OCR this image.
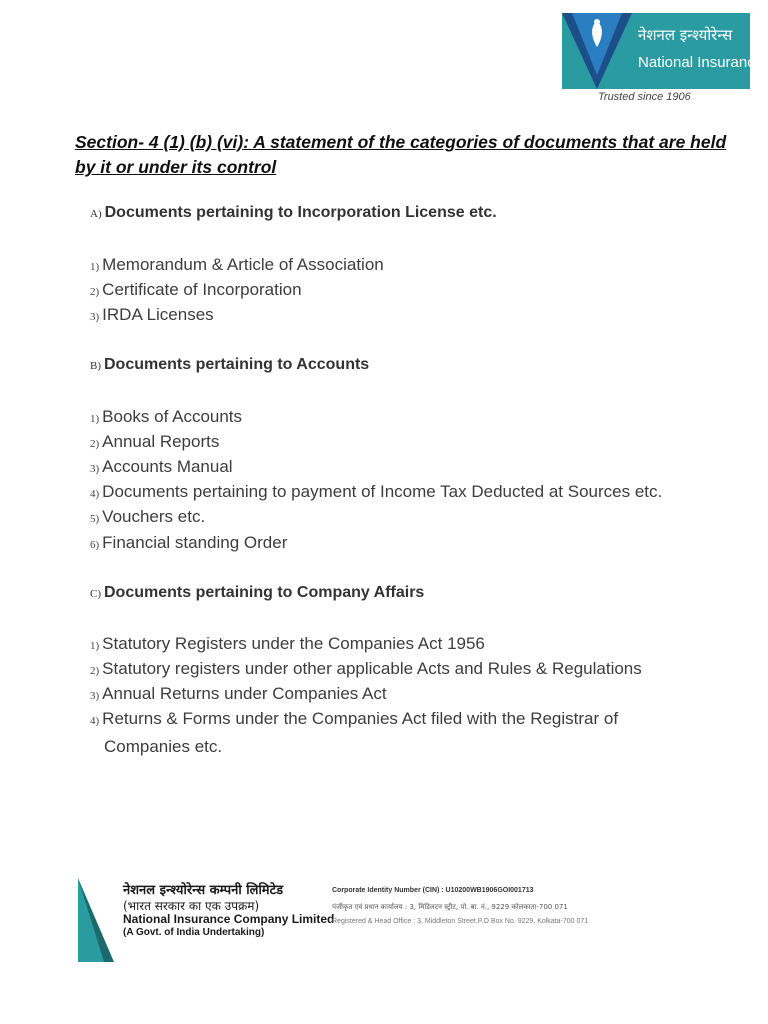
नेशनल इन्श्योरेन्स
National Insurance
Trusted since 1906
Section- 4 (1) (b) (vi): A statement of the categories of documents that are held by it or under its control
A) Documents pertaining to Incorporation License etc.
1) Memorandum & Article of Association
2) Certificate of Incorporation
3) IRDA Licenses
B) Documents pertaining to Accounts
1) Books of Accounts
2) Annual Reports
3) Accounts Manual
4) Documents pertaining to payment of Income Tax Deducted at Sources etc.
5) Vouchers etc.
6) Financial standing Order
C) Documents pertaining to Company Affairs
1) Statutory Registers under the Companies Act 1956
2) Statutory registers under other applicable Acts and Rules & Regulations
3) Annual Returns under Companies Act
4) Returns & Forms under the Companies Act filed with the Registrar of
Companies etc.
नेशनल इन्श्योरेन्स कम्पनी लिमिटेड
(भारत सरकार का एक उपक्रम)
National Insurance Company Limited
(A Govt. of India Undertaking)
Corporate Identity Number (CIN) : U10200WB1906GOI001713
पंजीकृत एवं प्रधान कार्यालय : 3, मिडिलटन स्ट्रीट, पो. बा. नं., 9229 कोलकाता-700 071
Registered & Head Office : 3, Middleton Street,P.O Box No. 9229, Kolkata-700 071
